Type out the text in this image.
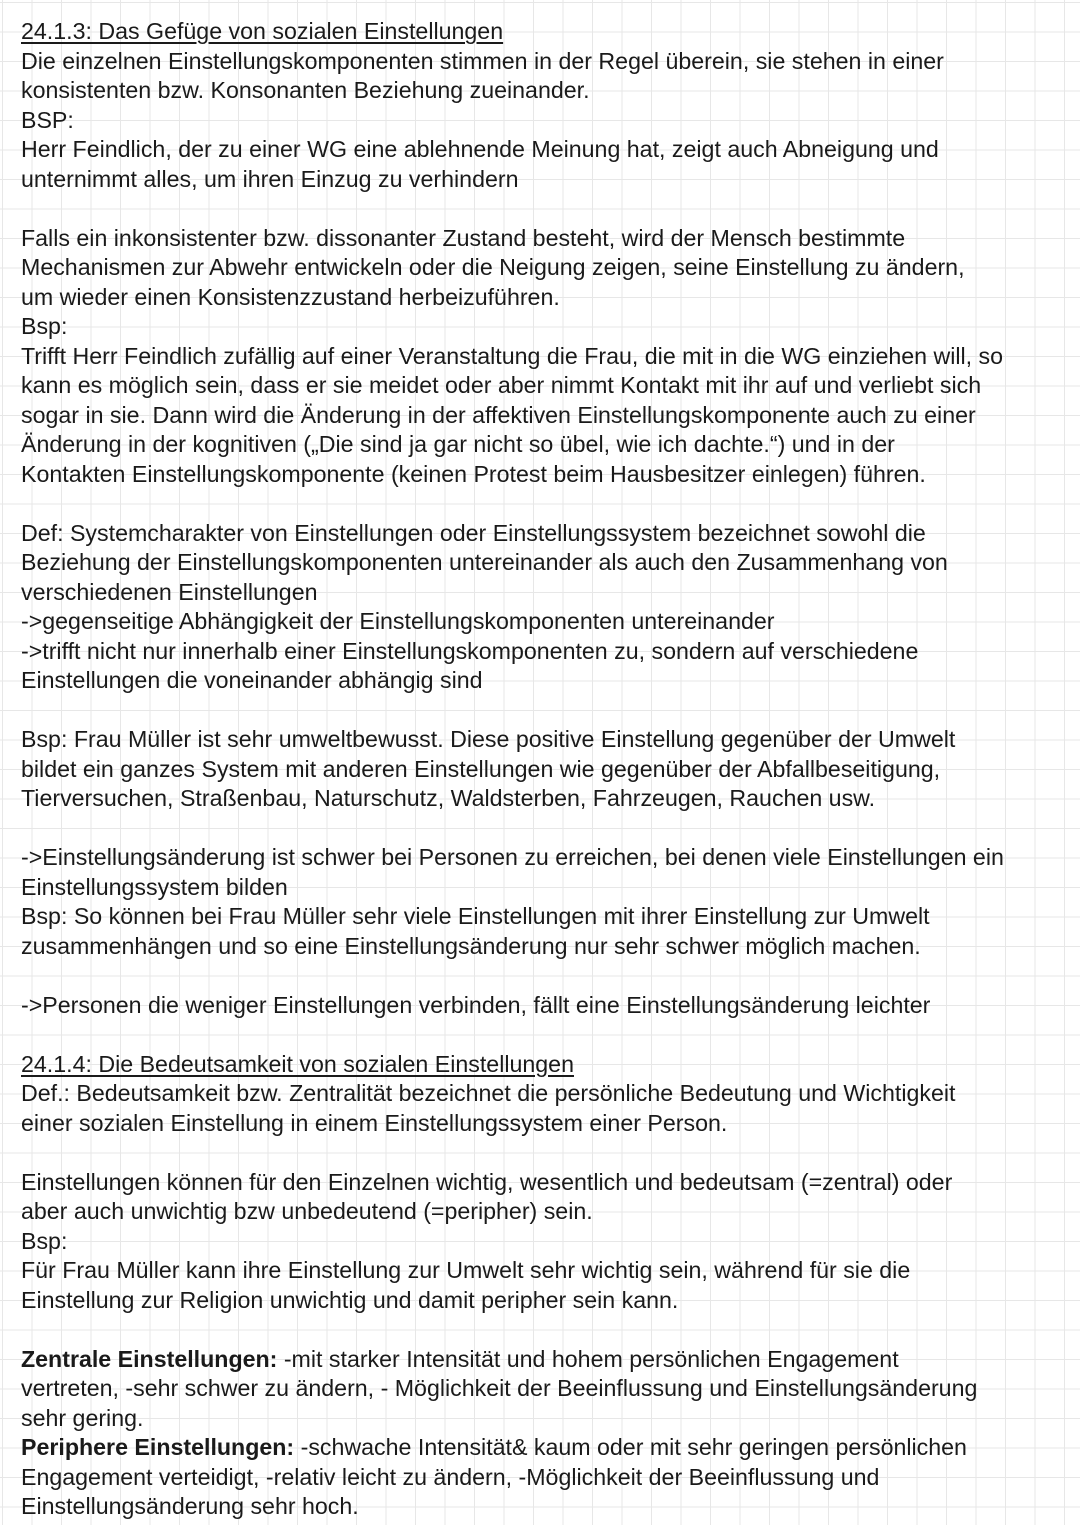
24.1.3: Das Gefüge von sozialen Einstellungen
Die einzelnen Einstellungskomponenten stimmen in der Regel überein, sie stehen in einer
konsistenten bzw. Konsonanten Beziehung zueinander.
BSP:
Herr Feindlich, der zu einer WG eine ablehnende Meinung hat, zeigt auch Abneigung und
unternimmt alles, um ihren Einzug zu verhindern
Falls ein inkonsistenter bzw. dissonanter Zustand besteht, wird der Mensch bestimmte
Mechanismen zur Abwehr entwickeln oder die Neigung zeigen, seine Einstellung zu ändern,
um wieder einen Konsistenzzustand herbeizuführen.
Bsp:
Trifft Herr Feindlich zufällig auf einer Veranstaltung die Frau, die mit in die WG einziehen will, so
kann es möglich sein, dass er sie meidet oder aber nimmt Kontakt mit ihr auf und verliebt sich
sogar in sie. Dann wird die Änderung in der affektiven Einstellungskomponente auch zu einer
Änderung in der kognitiven („Die sind ja gar nicht so übel, wie ich dachte.“) und in der
Kontakten Einstellungskomponente (keinen Protest beim Hausbesitzer einlegen) führen.
Def: Systemcharakter von Einstellungen oder Einstellungssystem bezeichnet sowohl die
Beziehung der Einstellungskomponenten untereinander als auch den Zusammenhang von
verschiedenen Einstellungen
->gegenseitige Abhängigkeit der Einstellungskomponenten untereinander
->trifft nicht nur innerhalb einer Einstellungskomponenten zu, sondern auf verschiedene
Einstellungen die voneinander abhängig sind
Bsp: Frau Müller ist sehr umweltbewusst. Diese positive Einstellung gegenüber der Umwelt
bildet ein ganzes System mit anderen Einstellungen wie gegenüber der Abfallbeseitigung,
Tierversuchen, Straßenbau, Naturschutz, Waldsterben, Fahrzeugen, Rauchen usw.
->Einstellungsänderung ist schwer bei Personen zu erreichen, bei denen viele Einstellungen ein
Einstellungssystem bilden
Bsp: So können bei Frau Müller sehr viele Einstellungen mit ihrer Einstellung zur Umwelt
zusammenhängen und so eine Einstellungsänderung nur sehr schwer möglich machen.
->Personen die weniger Einstellungen verbinden, fällt eine Einstellungsänderung leichter
24.1.4: Die Bedeutsamkeit von sozialen Einstellungen
Def.: Bedeutsamkeit bzw. Zentralität bezeichnet die persönliche Bedeutung und Wichtigkeit
einer sozialen Einstellung in einem Einstellungssystem einer Person.
Einstellungen können für den Einzelnen wichtig, wesentlich und bedeutsam (=zentral) oder
aber auch unwichtig bzw unbedeutend (=peripher) sein.
Bsp:
Für Frau Müller kann ihre Einstellung zur Umwelt sehr wichtig sein, während für sie die
Einstellung zur Religion unwichtig und damit peripher sein kann.
Zentrale Einstellungen: -mit starker Intensität und hohem persönlichen Engagement
vertreten, -sehr schwer zu ändern, - Möglichkeit der Beeinflussung und Einstellungsänderung
sehr gering.
Periphere Einstellungen: -schwache Intensität& kaum oder mit sehr geringen persönlichen
Engagement verteidigt, -relativ leicht zu ändern, -Möglichkeit der Beeinflussung und
Einstellungsänderung sehr hoch.
